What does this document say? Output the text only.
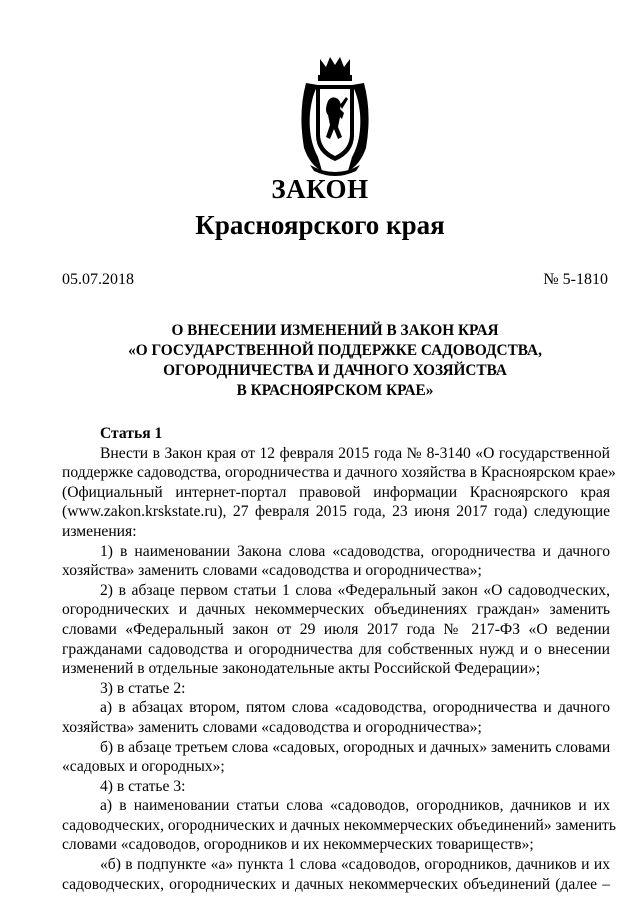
ЗАКОН
Красноярского края
05.07.2018	№ 5-1810
О ВНЕСЕНИИ ИЗМЕНЕНИЙ В ЗАКОН КРАЯ
«О ГОСУДАРСТВЕННОЙ ПОДДЕРЖКЕ САДОВОДСТВА,
ОГОРОДНИЧЕСТВА И ДАЧНОГО ХОЗЯЙСТВА
В КРАСНОЯРСКОМ КРАЕ»
Статья 1
Внести в Закон края от 12 февраля 2015 года № 8-3140 «О государственной
поддержке садоводства, огородничества и дачного хозяйства в Красноярском крае»
(Официальный интернет-портал правовой информации Красноярского края
(www.zakon.krskstate.ru), 27 февраля 2015 года, 23 июня 2017 года) следующие
изменения:
1) в наименовании Закона слова «садоводства, огородничества и дачного
хозяйства» заменить словами «садоводства и огородничества»;
2) в абзаце первом статьи 1 слова «Федеральный закон «О садоводческих,
огороднических и дачных некоммерческих объединениях граждан» заменить
словами «Федеральный закон от 29 июля 2017 года № 217-ФЗ «О ведении
гражданами садоводства и огородничества для собственных нужд и о внесении
изменений в отдельные законодательные акты Российской Федерации»;
3) в статье 2:
а) в абзацах втором, пятом слова «садоводства, огородничества и дачного
хозяйства» заменить словами «садоводства и огородничества»;
б) в абзаце третьем слова «садовых, огородных и дачных» заменить словами
«садовых и огородных»;
4) в статье 3:
а) в наименовании статьи слова «садоводов, огородников, дачников и их
садоводческих, огороднических и дачных некоммерческих объединений» заменить
словами «садоводов, огородников и их некоммерческих товариществ»;
«б) в подпункте «а» пункта 1 слова «садоводов, огородников, дачников и их
садоводческих, огороднических и дачных некоммерческих объединений (далее –
